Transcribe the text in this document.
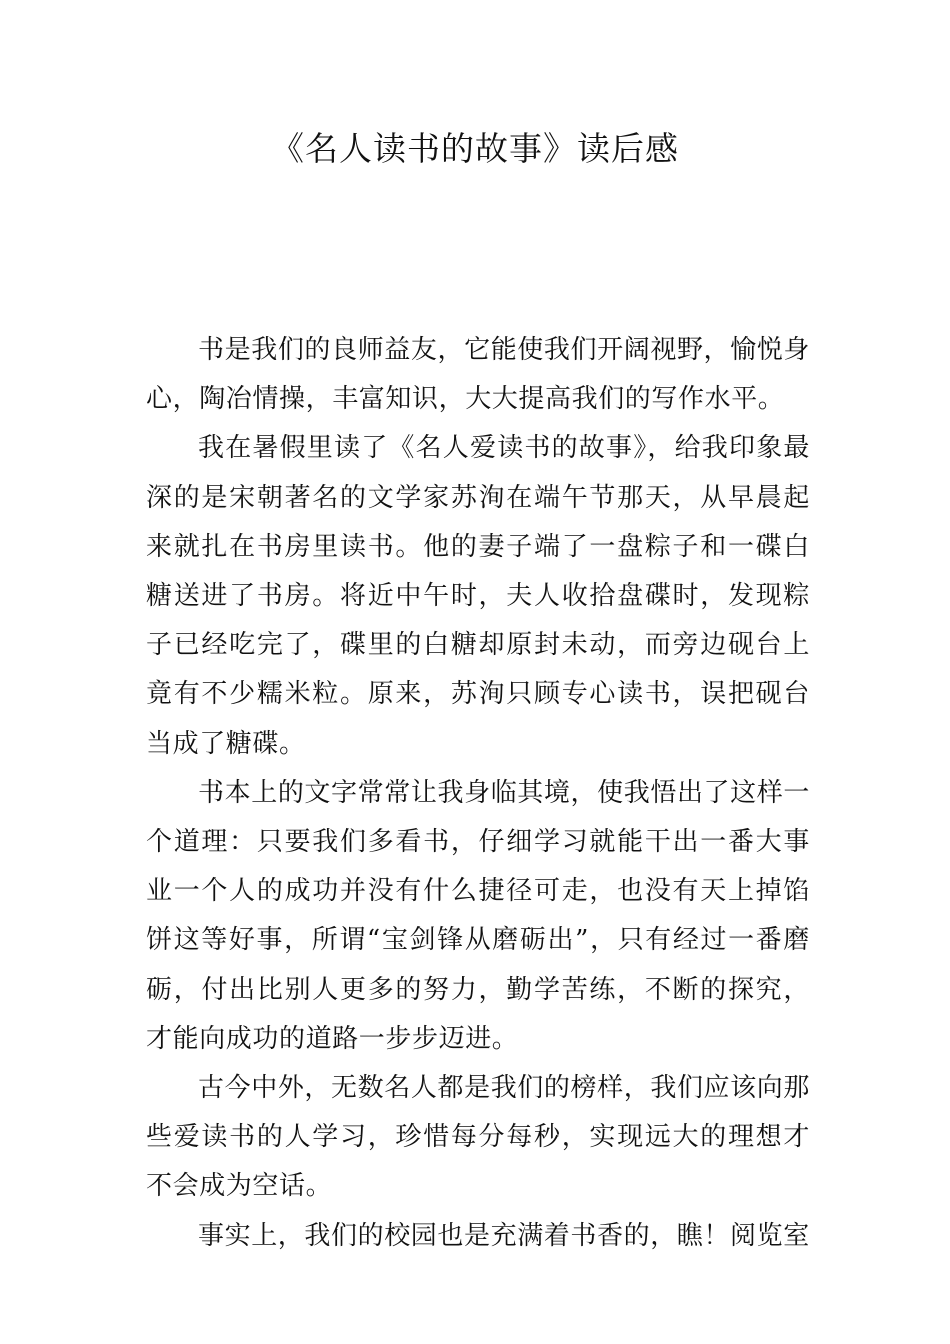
《名人读书的故事》读后感

书是我们的良师益友，它能使我们开阔视野，愉悦身心，陶冶情操，丰富知识，大大提高我们的写作水平。

我在暑假里读了《名人爱读书的故事》，给我印象最深的是宋朝著名的文学家苏洵在端午节那天，从早晨起来就扎在书房里读书。他的妻子端了一盘粽子和一碟白糖送进了书房。将近中午时，夫人收拾盘碟时，发现粽子已经吃完了，碟里的白糖却原封未动，而旁边砚台上竟有不少糯米粒。原来，苏洵只顾专心读书，误把砚台当成了糖碟。

书本上的文字常常让我身临其境，使我悟出了这样一个道理：只要我们多看书，仔细学习就能干出一番大事业一个人的成功并没有什么捷径可走，也没有天上掉馅饼这等好事，所谓“宝剑锋从磨砺出”，只有经过一番磨砺，付出比别人更多的努力，勤学苦练，不断的探究，才能向成功的道路一步步迈进。

古今中外，无数名人都是我们的榜样，我们应该向那些爱读书的人学习，珍惜每分每秒，实现远大的理想才不会成为空话。

事实上，我们的校园也是充满着书香的，瞧！阅览室
